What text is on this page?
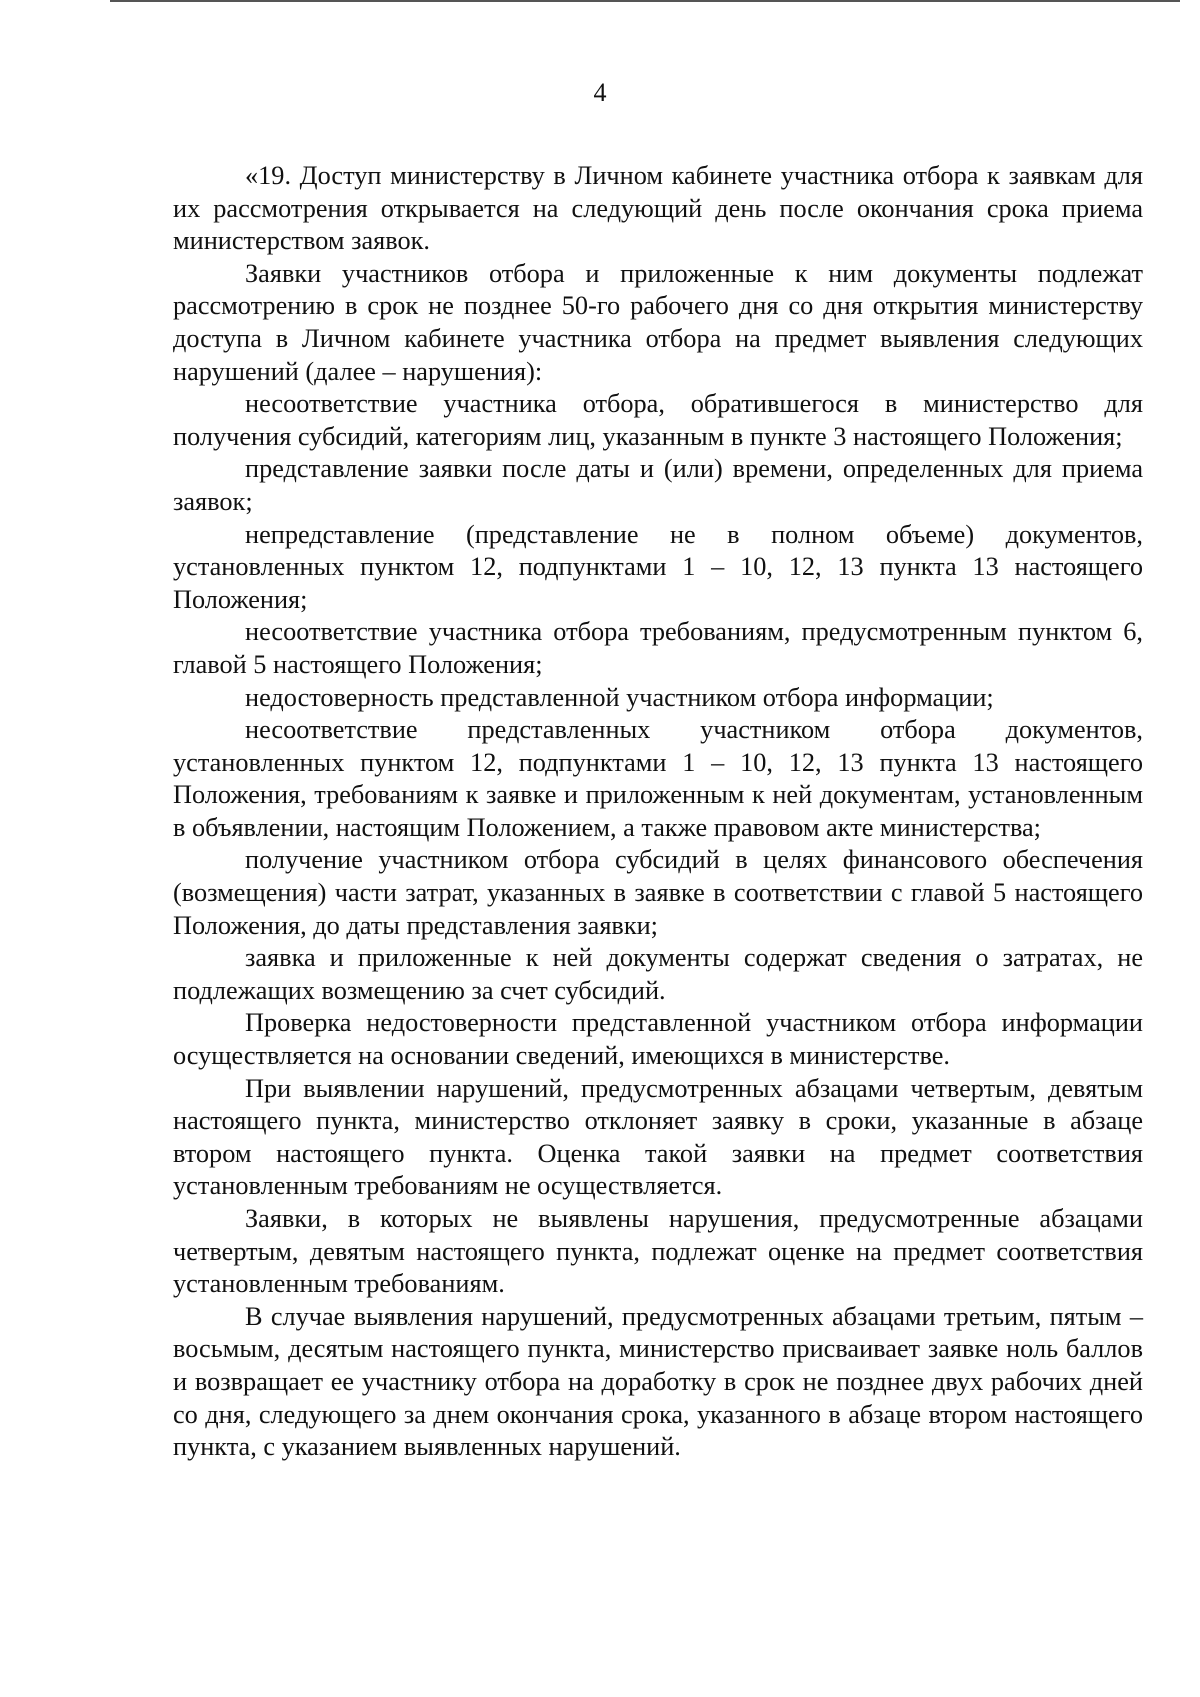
4

«19. Доступ министерству в Личном кабинете участника отбора к заявкам для их рассмотрения открывается на следующий день после окончания срока приема министерством заявок.

Заявки участников отбора и приложенные к ним документы подлежат рассмотрению в срок не позднее 50-го рабочего дня со дня открытия министерству доступа в Личном кабинете участника отбора на предмет выявления следующих нарушений (далее – нарушения):

несоответствие участника отбора, обратившегося в министерство для получения субсидий, категориям лиц, указанным в пункте 3 настоящего Положения;

представление заявки после даты и (или) времени, определенных для приема заявок;

непредставление (представление не в полном объеме) документов, установленных пунктом 12, подпунктами 1 – 10, 12, 13 пункта 13 настоящего Положения;

несоответствие участника отбора требованиям, предусмотренным пунктом 6, главой 5 настоящего Положения;

недостоверность представленной участником отбора информации;

несоответствие представленных участником отбора документов, установленных пунктом 12, подпунктами 1 – 10, 12, 13 пункта 13 настоящего Положения, требованиям к заявке и приложенным к ней документам, установленным в объявлении, настоящим Положением, а также правовом акте министерства;

получение участником отбора субсидий в целях финансового обеспечения (возмещения) части затрат, указанных в заявке в соответствии с главой 5 настоящего Положения, до даты представления заявки;

заявка и приложенные к ней документы содержат сведения о затратах, не подлежащих возмещению за счет субсидий.

Проверка недостоверности представленной участником отбора информации осуществляется на основании сведений, имеющихся в министерстве.

При выявлении нарушений, предусмотренных абзацами четвертым, девятым настоящего пункта, министерство отклоняет заявку в сроки, указанные в абзаце втором настоящего пункта. Оценка такой заявки на предмет соответствия установленным требованиям не осуществляется.

Заявки, в которых не выявлены нарушения, предусмотренные абзацами четвертым, девятым настоящего пункта, подлежат оценке на предмет соответствия установленным требованиям.

В случае выявления нарушений, предусмотренных абзацами третьим, пятым – восьмым, десятым настоящего пункта, министерство присваивает заявке ноль баллов и возвращает ее участнику отбора на доработку в срок не позднее двух рабочих дней со дня, следующего за днем окончания срока, указанного в абзаце втором настоящего пункта, с указанием выявленных нарушений.
